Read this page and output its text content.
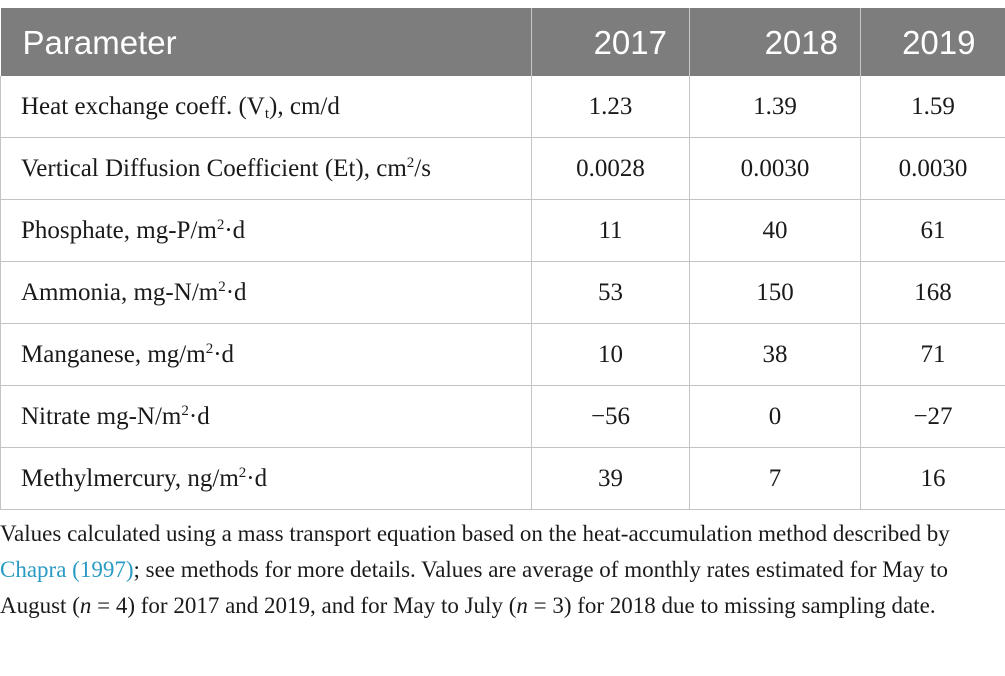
Parameter	2017	2018	2019
Heat exchange coeff. $(V_t)$, cm/d	1.23	1.39	1.59
Vertical Diffusion Coefficient (Et), $cm^2/s$	0.0028	0.0030	0.0030
Phosphate, $mg-P/m^2\cdot d$	11	40	61
Ammonia, $mg-N/m^2\cdot d$	53	150	168
Manganese, $mg/m^2\cdot d$	10	38	71
Nitrate $mg-N/m^2\cdot d$	−56	0	−27
Methylmercury, $ng/m^2\cdot d$	39	7	16
Values calculated using a mass transport equation based on the heat-accumulation method described by Chapra (1997); see methods for more details. Values are average of monthly rates estimated for May to August (n = 4) for 2017 and 2019, and for May to July (n = 3) for 2018 due to missing sampling date.
